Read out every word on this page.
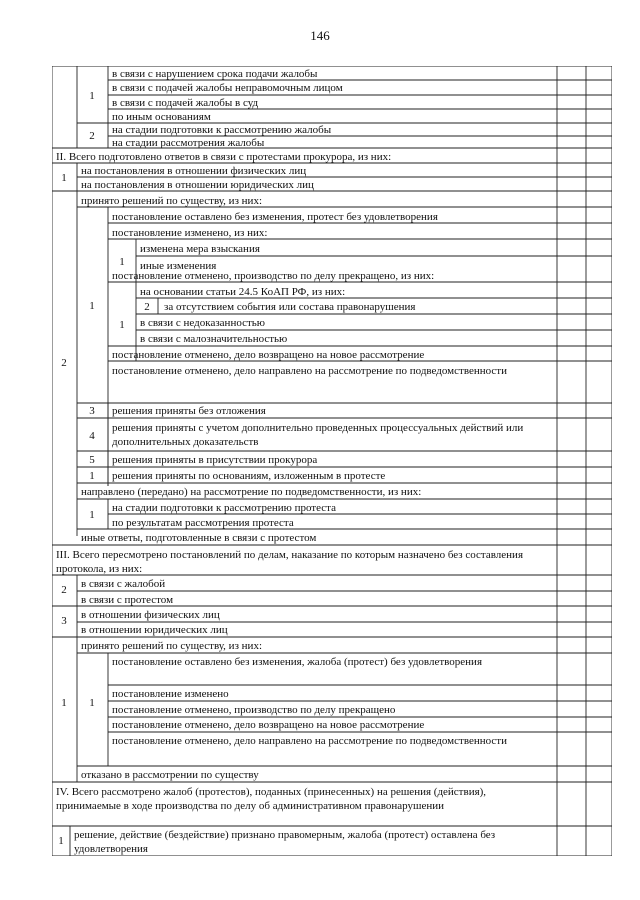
146
в связи с нарушением срока подачи жалобы
в связи с подачей жалобы неправомочным лицом
в связи с подачей жалобы в суд
по иным основаниям
на стадии подготовки к рассмотрению жалобы
на стадии рассмотрения жалобы
1
2
II. Всего подготовлено ответов в связи с протестами прокурора, из них:
1
на постановления в отношении физических лиц
на постановления в отношении юридических лиц
2
принято решений по существу, из них:
1
постановление оставлено без изменения, протест без удовлетворения
постановление изменено, из них:
1
изменена мера взыскания
иные изменения
постановление отменено, производство по делу прекращено, из них:
1
на основании статьи 24.5 КоАП РФ, из них:
2 за отсутствием события или состава правонарушения
в связи с недоказанностью
в связи с малозначительностью
постановление отменено, дело возвращено на новое рассмотрение
постановление отменено, дело направлено на рассмотрение по подведомственности
3 решения приняты без отложения
4
решения приняты с учетом дополнительно проведенных процессуальных действий или дополнительных доказательств
5 решения приняты в присутствии прокурора
1 решения приняты по основаниям, изложенным в протесте
направлено (передано) на рассмотрение по подведомственности, из них:
1
на стадии подготовки к рассмотрению протеста
по результатам рассмотрения протеста
иные ответы, подготовленные в связи с протестом
III. Всего пересмотрено постановлений по делам, наказание по которым назначено без составления протокола, из них:
2 в связи с жалобой
в связи с протестом
3 в отношении физических лиц
в отношении юридических лиц
1
принято решений по существу, из них:
1
постановление оставлено без изменения, жалоба (протест) без удовлетворения
постановление изменено
постановление отменено, производство по делу прекращено
постановление отменено, дело возвращено на новое рассмотрение
постановление отменено, дело направлено на рассмотрение по подведомственности
отказано в рассмотрении по существу
IV. Всего рассмотрено жалоб (протестов), поданных (принесенных) на решения (действия), принимаемые в ходе производства по делу об административном правонарушении
1 решение, действие (бездействие) признано правомерным, жалоба (протест) оставлена без удовлетворения
